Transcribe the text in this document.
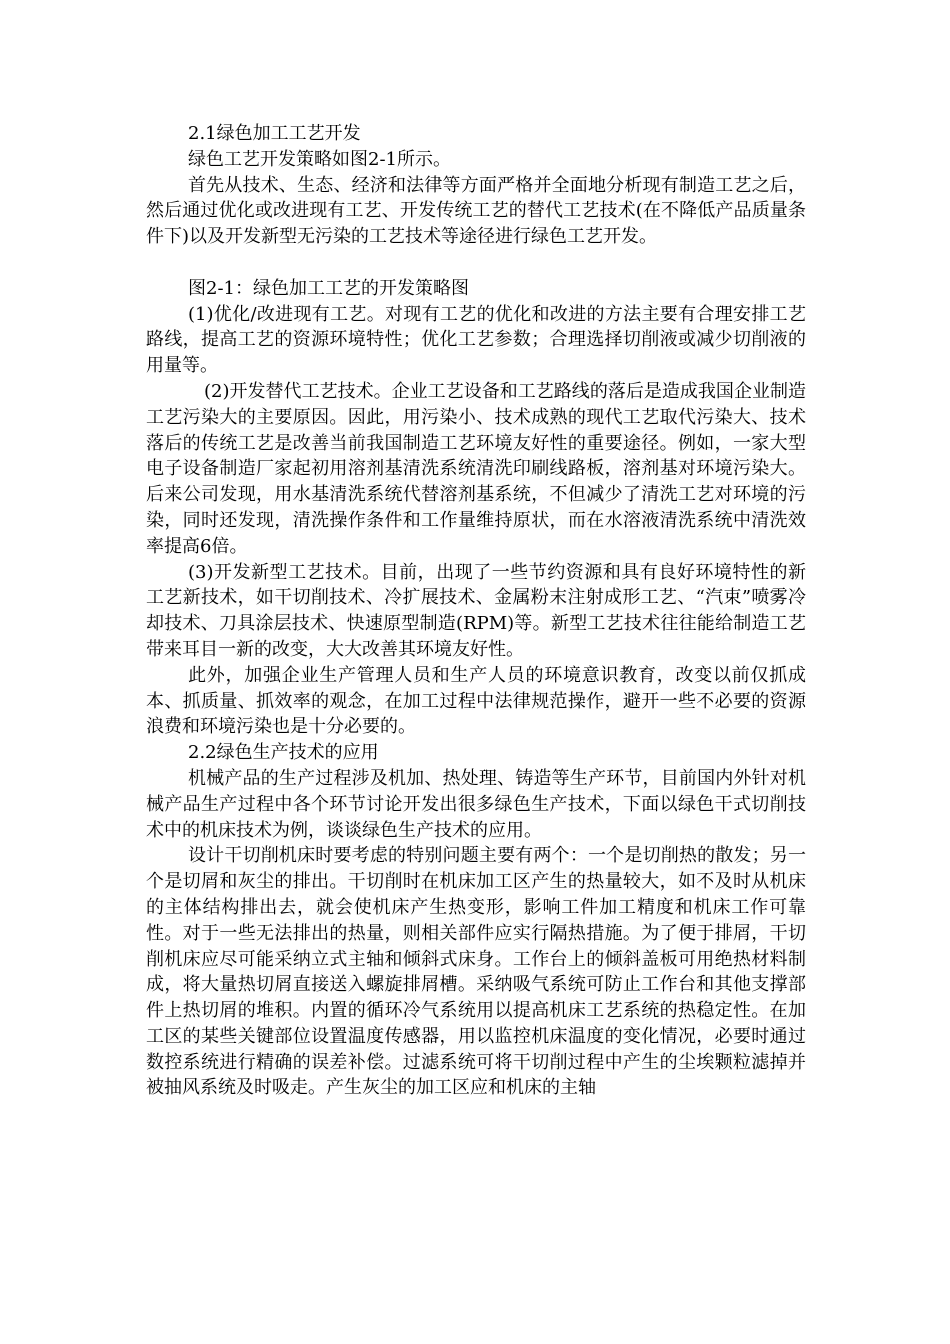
2.1绿色加工工艺开发

绿色工艺开发策略如图2-1所示。

首先从技术、生态、经济和法律等方面严格并全面地分析现有制造工艺之后，然后通过优化或改进现有工艺、开发传统工艺的替代工艺技术(在不降低产品质量条件下)以及开发新型无污染的工艺技术等途径进行绿色工艺开发。

图2-1：绿色加工工艺的开发策略图

(1)优化/改进现有工艺。对现有工艺的优化和改进的方法主要有合理安排工艺路线，提高工艺的资源环境特性；优化工艺参数；合理选择切削液或减少切削液的用量等。

(2)开发替代工艺技术。企业工艺设备和工艺路线的落后是造成我国企业制造工艺污染大的主要原因。因此，用污染小、技术成熟的现代工艺取代污染大、技术落后的传统工艺是改善当前我国制造工艺环境友好性的重要途径。例如，一家大型电子设备制造厂家起初用溶剂基清洗系统清洗印刷线路板，溶剂基对环境污染大。后来公司发现，用水基清洗系统代替溶剂基系统，不但减少了清洗工艺对环境的污染，同时还发现，清洗操作条件和工作量维持原状，而在水溶液清洗系统中清洗效率提高6倍。

(3)开发新型工艺技术。目前，出现了一些节约资源和具有良好环境特性的新工艺新技术，如干切削技术、冷扩展技术、金属粉末注射成形工艺、“汽束”喷雾冷却技术、刀具涂层技术、快速原型制造(RPM)等。新型工艺技术往往能给制造工艺带来耳目一新的改变，大大改善其环境友好性。

此外，加强企业生产管理人员和生产人员的环境意识教育，改变以前仅抓成本、抓质量、抓效率的观念，在加工过程中法律规范操作，避开一些不必要的资源浪费和环境污染也是十分必要的。

2.2绿色生产技术的应用

机械产品的生产过程涉及机加、热处理、铸造等生产环节，目前国内外针对机械产品生产过程中各个环节讨论开发出很多绿色生产技术，下面以绿色干式切削技术中的机床技术为例，谈谈绿色生产技术的应用。

设计干切削机床时要考虑的特别问题主要有两个：一个是切削热的散发；另一个是切屑和灰尘的排出。干切削时在机床加工区产生的热量较大，如不及时从机床的主体结构排出去，就会使机床产生热变形，影响工件加工精度和机床工作可靠性。对于一些无法排出的热量，则相关部件应实行隔热措施。为了便于排屑，干切削机床应尽可能采纳立式主轴和倾斜式床身。工作台上的倾斜盖板可用绝热材料制成，将大量热切屑直接送入螺旋排屑槽。采纳吸气系统可防止工作台和其他支撑部件上热切屑的堆积。内置的循环冷气系统用以提高机床工艺系统的热稳定性。在加工区的某些关键部位设置温度传感器，用以监控机床温度的变化情况，必要时通过数控系统进行精确的误差补偿。过滤系统可将干切削过程中产生的尘埃颗粒滤掉并被抽风系统及时吸走。产生灰尘的加工区应和机床的主轴
